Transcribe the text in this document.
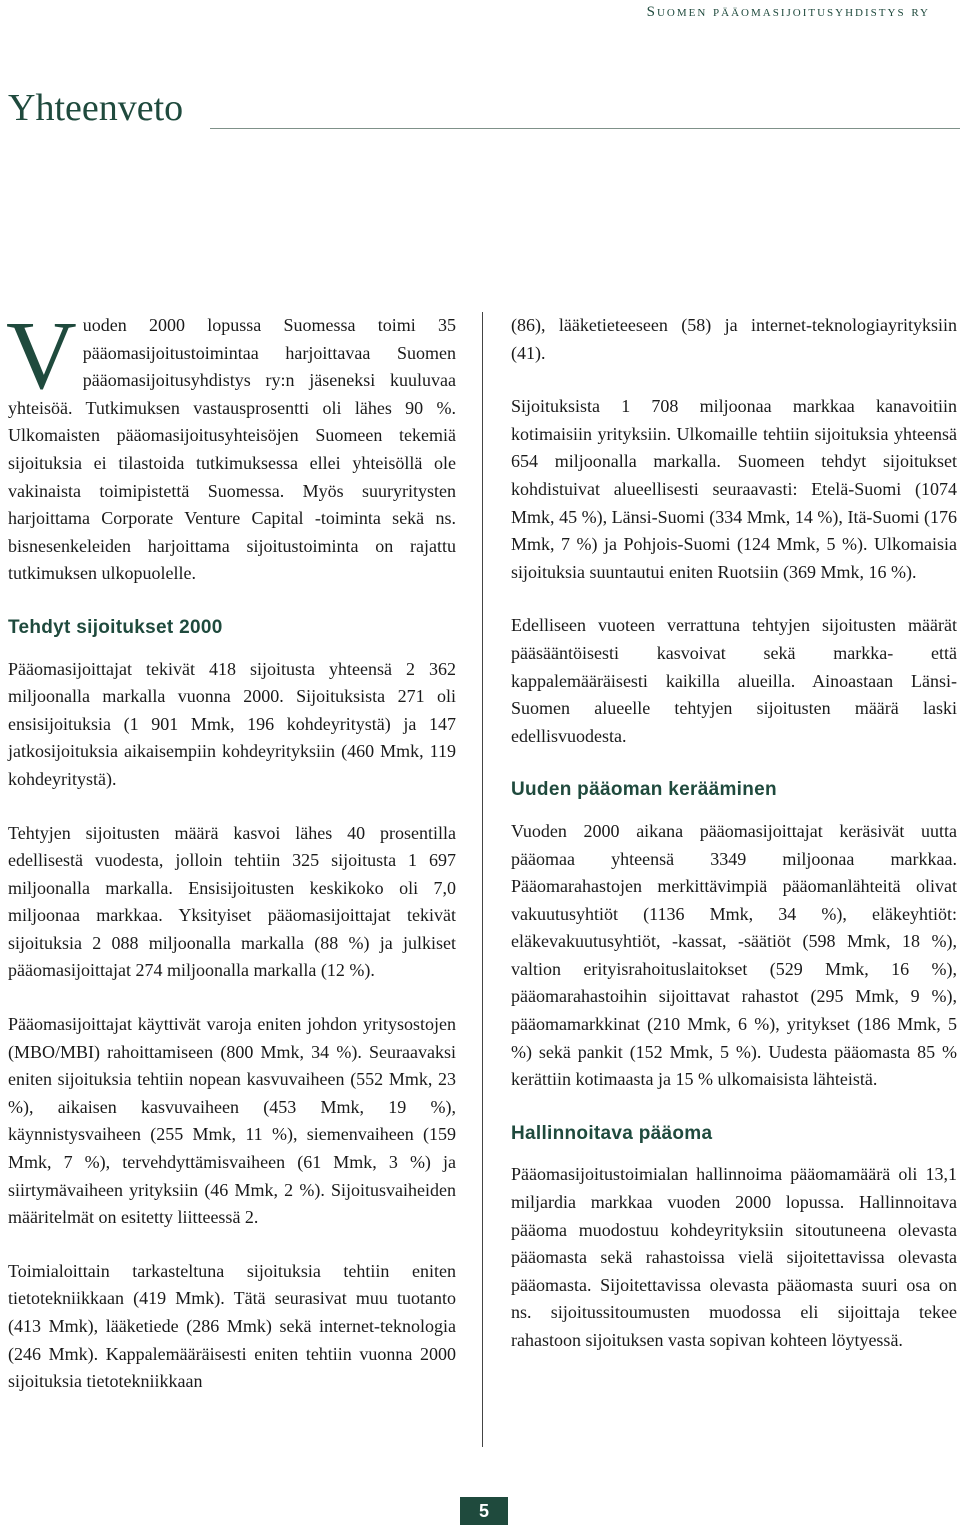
Suomen pääomasijoitusyhdistys ry
Yhteenveto

Vuoden 2000 lopussa Suomessa toimi 35 pääomasijoitustoimintaa harjoittavaa Suomen pääomasijoitusyhdistys ry:n jäseneksi kuuluvaa yhteisöä. Tutkimuksen vastausprosentti oli lähes 90 %. Ulkomaisten pääomasijoitusyhteisöjen Suomeen tekemiä sijoituksia ei tilastoida tutkimuksessa ellei yhteisöllä ole vakinaista toimipistettä Suomessa. Myös suuryritysten harjoittama Corporate Venture Capital -toiminta sekä ns. bisnesenkeleiden harjoittama sijoitustoiminta on rajattu tutkimuksen ulkopuolelle.

Tehdyt sijoitukset 2000

Pääomasijoittajat tekivät 418 sijoitusta yhteensä 2 362 miljoonalla markalla vuonna 2000. Sijoituksista 271 oli ensisijoituksia (1 901 Mmk, 196 kohdeyritystä) ja 147 jatkosijoituksia aikaisempiin kohdeyrityksiin (460 Mmk, 119 kohdeyritystä).

Tehtyjen sijoitusten määrä kasvoi lähes 40 prosentilla edellisestä vuodesta, jolloin tehtiin 325 sijoitusta 1 697 miljoonalla markalla. Ensisijoitusten keskikoko oli 7,0 miljoonaa markkaa. Yksityiset pääomasijoittajat tekivät sijoituksia 2 088 miljoonalla markalla (88 %) ja julkiset pääomasijoittajat 274 miljoonalla markalla (12 %).

Pääomasijoittajat käyttivät varoja eniten johdon yritysostojen (MBO/MBI) rahoittamiseen (800 Mmk, 34 %). Seuraavaksi eniten sijoituksia tehtiin nopean kasvuvaiheen (552 Mmk, 23 %), aikaisen kasvuvaiheen (453 Mmk, 19 %), käynnistysvaiheen (255 Mmk, 11 %), siemenvaiheen (159 Mmk, 7 %), tervehdyttämisvaiheen (61 Mmk, 3 %) ja siirtymävaiheen yrityksiin (46 Mmk, 2 %). Sijoitusvaiheiden määritelmät on esitetty liitteessä 2.

Toimialoittain tarkasteltuna sijoituksia tehtiin eniten tietotekniikkaan (419 Mmk). Tätä seurasivat muu tuotanto (413 Mmk), lääketiede (286 Mmk) sekä internet-teknologia (246 Mmk). Kappalemääräisesti eniten tehtiin vuonna 2000 sijoituksia tietotekniikkaan

(86), lääketieteeseen (58) ja internet-teknologiayrityksiin (41).

Sijoituksista 1 708 miljoonaa markkaa kanavoitiin kotimaisiin yrityksiin. Ulkomaille tehtiin sijoituksia yhteensä 654 miljoonalla markalla. Suomeen tehdyt sijoitukset kohdistuivat alueellisesti seuraavasti: Etelä-Suomi (1074 Mmk, 45 %), Länsi-Suomi (334 Mmk, 14 %), Itä-Suomi (176 Mmk, 7 %) ja Pohjois-Suomi (124 Mmk, 5 %). Ulkomaisia sijoituksia suuntautui eniten Ruotsiin (369 Mmk, 16 %).

Edelliseen vuoteen verrattuna tehtyjen sijoitusten määrät pääsääntöisesti kasvoivat sekä markka- että kappalemääräisesti kaikilla alueilla. Ainoastaan Länsi-Suomen alueelle tehtyjen sijoitusten määrä laski edellisvuodesta.

Uuden pääoman kerääminen

Vuoden 2000 aikana pääomasijoittajat keräsivät uutta pääomaa yhteensä 3349 miljoonaa markkaa. Pääomarahastojen merkittävimpiä pääomanlähteitä olivat vakuutusyhtiöt (1136 Mmk, 34 %), eläkeyhtiöt: eläkevakuutusyhtiöt, -kassat, -säätiöt (598 Mmk, 18 %), valtion erityisrahoituslaitokset (529 Mmk, 16 %), pääomarahastoihin sijoittavat rahastot (295 Mmk, 9 %), pääomamarkkinat (210 Mmk, 6 %), yritykset (186 Mmk, 5 %) sekä pankit (152 Mmk, 5 %). Uudesta pääomasta 85 % kerättiin kotimaasta ja 15 % ulkomaisista lähteistä.

Hallinnoitava pääoma

Pääomasijoitustoimialan hallinnoima pääomamäärä oli 13,1 miljardia markkaa vuoden 2000 lopussa. Hallinnoitava pääoma muodostuu kohdeyrityksiin sitoutuneena olevasta pääomasta sekä rahastoissa vielä sijoitettavissa olevasta pääomasta. Sijoitettavissa olevasta pääomasta suuri osa on ns. sijoitussitoumusten muodossa eli sijoittaja tekee rahastoon sijoituksen vasta sopivan kohteen löytyessä.

5
